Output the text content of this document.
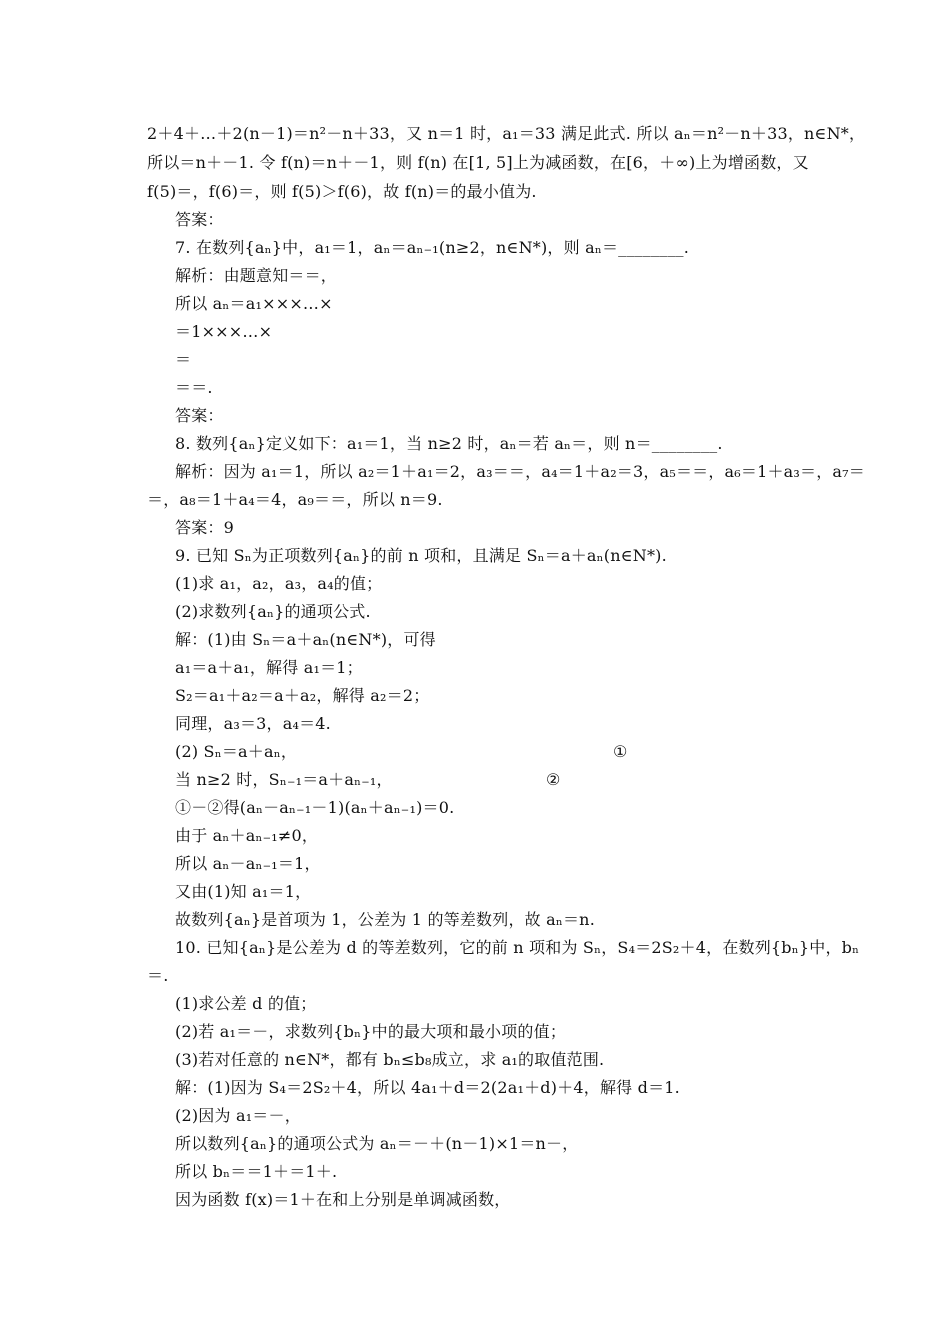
2＋4＋…＋2(n－1)＝n²－n＋33，又 n＝1 时，a₁＝33 满足此式. 所以 aₙ＝n²－n＋33，n∈N*，
所以＝n＋－1. 令 f(n)＝n＋－1，则 f(n) 在[1, 5]上为减函数，在[6，＋∞)上为增函数，又
f(5)＝，f(6)＝，则 f(5)＞f(6)，故 f(n)＝的最小值为.
答案：
7. 在数列{aₙ}中，a₁＝1，aₙ＝aₙ₋₁(n≥2，n∈N*)，则 aₙ＝________.
解析：由题意知＝＝，
所以 aₙ＝a₁×××…×
＝1×××…×
＝
＝＝.
答案：
8. 数列{aₙ}定义如下：a₁＝1，当 n≥2 时，aₙ＝若 aₙ＝，则 n＝________.
解析：因为 a₁＝1，所以 a₂＝1＋a₁＝2，a₃＝＝，a₄＝1＋a₂＝3，a₅＝＝，a₆＝1＋a₃＝，a₇＝
＝，a₈＝1＋a₄＝4，a₉＝＝，所以 n＝9.
答案：9
9. 已知 Sₙ为正项数列{aₙ}的前 n 项和，且满足 Sₙ＝a＋aₙ(n∈N*).
(1)求 a₁，a₂，a₃，a₄的值；
(2)求数列{aₙ}的通项公式.
解：(1)由 Sₙ＝a＋aₙ(n∈N*)，可得
a₁＝a＋a₁，解得 a₁＝1；
S₂＝a₁＋a₂＝a＋a₂，解得 a₂＝2；
同理，a₃＝3，a₄＝4.
(2) Sₙ＝a＋aₙ，
当 n≥2 时，Sₙ₋₁＝a＋aₙ₋₁，
①－②得(aₙ－aₙ₋₁－1)(aₙ＋aₙ₋₁)＝0.
由于 aₙ＋aₙ₋₁≠0，
所以 aₙ－aₙ₋₁＝1，
又由(1)知 a₁＝1，
故数列{aₙ}是首项为 1，公差为 1 的等差数列，故 aₙ＝n.
10. 已知{aₙ}是公差为 d 的等差数列，它的前 n 项和为 Sₙ，S₄＝2S₂＋4，在数列{bₙ}中，bₙ
＝.
(1)求公差 d 的值；
(2)若 a₁＝－，求数列{bₙ}中的最大项和最小项的值；
(3)若对任意的 n∈N*，都有 bₙ≤b₈成立，求 a₁的取值范围.
解：(1)因为 S₄＝2S₂＋4，所以 4a₁＋d＝2(2a₁＋d)＋4，解得 d＝1.
(2)因为 a₁＝－，
所以数列{aₙ}的通项公式为 aₙ＝－＋(n－1)×1＝n－，
所以 bₙ＝＝1＋＝1＋.
因为函数 f(x)＝1＋在和上分别是单调减函数，
①
②
